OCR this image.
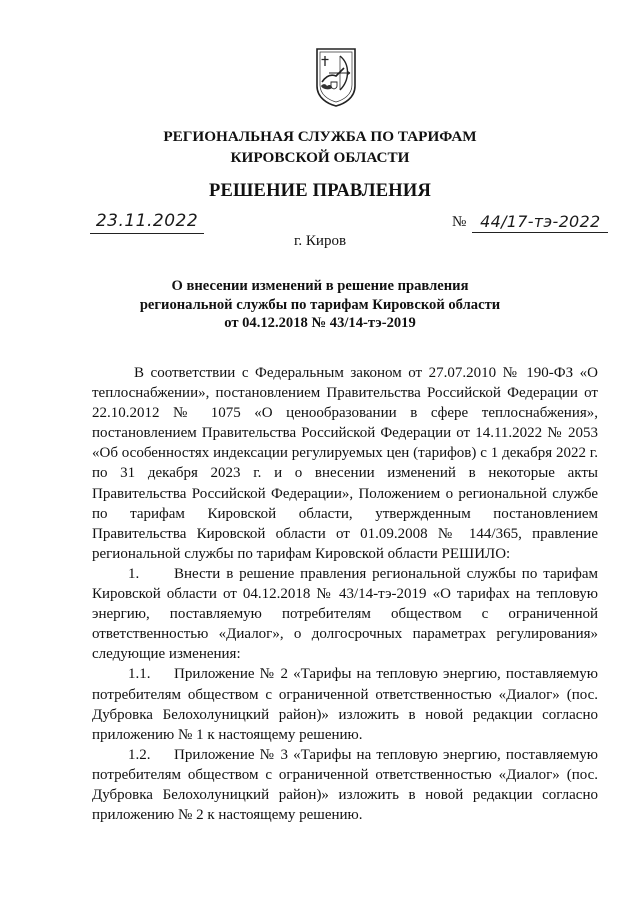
РЕГИОНАЛЬНАЯ СЛУЖБА ПО ТАРИФАМ
КИРОВСКОЙ ОБЛАСТИ
РЕШЕНИЕ ПРАВЛЕНИЯ
23.11.2022	№ 44/17-тэ-2022
г. Киров
О внесении изменений в решение правления
региональной службы по тарифам Кировской области
от 04.12.2018 № 43/14-тэ-2019

В соответствии с Федеральным законом от 27.07.2010 № 190-ФЗ «О теплоснабжении», постановлением Правительства Российской Федерации от 22.10.2012 № 1075 «О ценообразовании в сфере теплоснабжения», постановлением Правительства Российской Федерации от 14.11.2022 № 2053 «Об особенностях индексации регулируемых цен (тарифов) с 1 декабря 2022 г. по 31 декабря 2023 г. и о внесении изменений в некоторые акты Правительства Российской Федерации», Положением о региональной службе по тарифам Кировской области, утвержденным постановлением Правительства Кировской области от 01.09.2008 № 144/365, правление региональной службы по тарифам Кировской области РЕШИЛО:

1. Внести в решение правления региональной службы по тарифам Кировской области от 04.12.2018 № 43/14-тэ-2019 «О тарифах на тепловую энергию, поставляемую потребителям обществом с ограниченной ответственностью «Диалог», о долгосрочных параметрах регулирования» следующие изменения:

1.1. Приложение № 2 «Тарифы на тепловую энергию, поставляемую потребителям обществом с ограниченной ответственностью «Диалог» (пос. Дубровка Белохолуницкий район)» изложить в новой редакции согласно приложению № 1 к настоящему решению.

1.2. Приложение № 3 «Тарифы на тепловую энергию, поставляемую потребителям обществом с ограниченной ответственностью «Диалог» (пос. Дубровка Белохолуницкий район)» изложить в новой редакции согласно приложению № 2 к настоящему решению.
